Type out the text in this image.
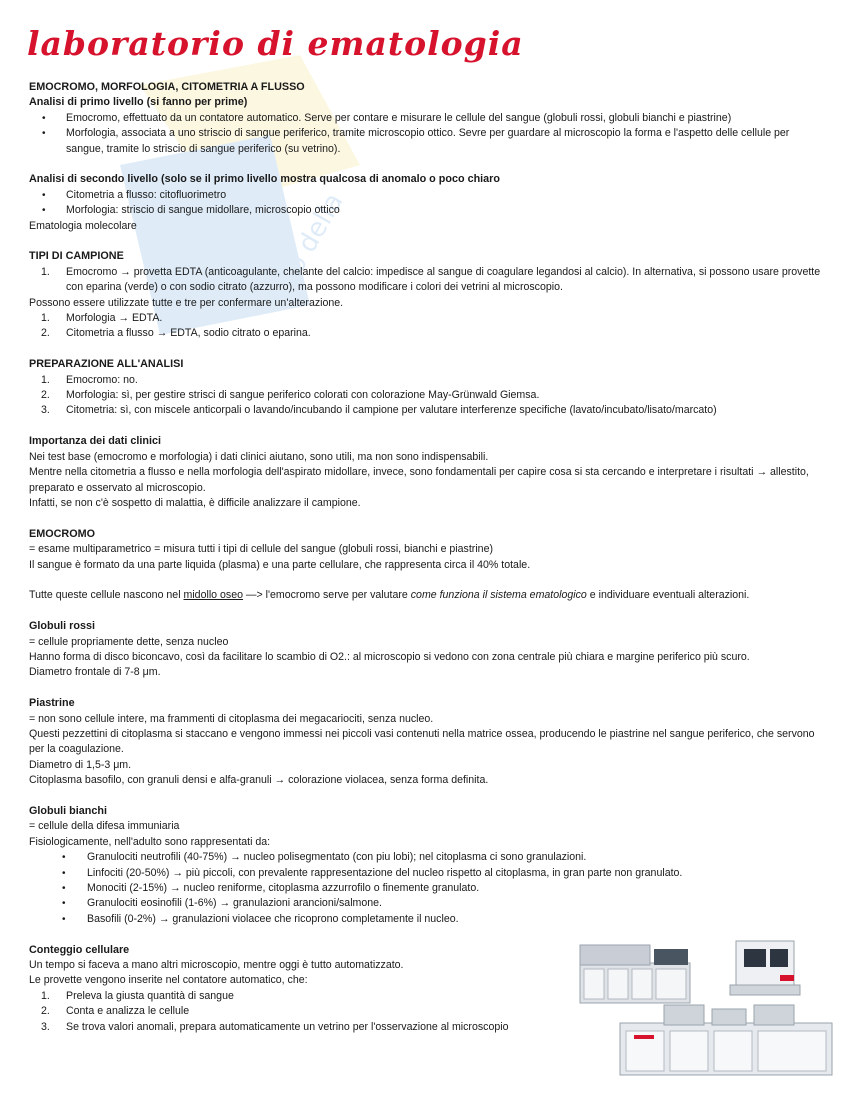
o della
laboratorio di ematologia
EMOCROMO, MORFOLOGIA, CITOMETRIA A FLUSSO
Analisi di primo livello (si fanno per prime)
• Emocromo, effettuato da un contatore automatico. Serve per contare e misurare le cellule del sangue (globuli rossi, globuli bianchi e piastrine)
• Morfologia, associata a uno striscio di sangue periferico, tramite microscopio ottico. Sevre per guardare al microscopio la forma e l'aspetto delle cellule per sangue, tramite lo striscio di sangue periferico (su vetrino).
Analisi di secondo livello (solo se il primo livello mostra qualcosa di anomalo o poco chiaro
• Citometria a flusso: citofluorimetro
• Morfologia: striscio di sangue midollare, microscopio ottico

Ematologia molecolare

TIPI DI CAMPIONE
1. Emocromo → provetta EDTA (anticoagulante, chelante del calcio: impedisce al sangue di coagulare legandosi al calcio). In alternativa, si possono usare provette con eparina (verde) o con sodio citrato (azzurro), ma possono modificare i colori dei vetrini al microscopio.

Possono essere utilizzate tutte e tre per confermare un'alterazione.

1. Morfologia → EDTA.
2. Citometria a flusso → EDTA, sodio citrato o eparina.
PREPARAZIONE ALL'ANALISI
1. Emocromo: no.
2. Morfologia: sì, per gestire strisci di sangue periferico colorati con colorazione May-Grünwald Giemsa.
3. Citometria: sì, con miscele anticorpali o lavando/incubando il campione per valutare interferenze specifiche (lavato/incubato/lisato/marcato)
Importanza dei dati clinici

Nei test base (emocromo e morfologia) i dati clinici aiutano, sono utili, ma non sono indispensabili.

Mentre nella citometria a flusso e nella morfologia dell'aspirato midollare, invece, sono fondamentali per capire cosa si sta cercando e interpretare i risultati → allestito, preparato e osservato al microscopio.

Infatti, se non c'è sospetto di malattia, è difficile analizzare il campione.

EMOCROMO

= esame multiparametrico = misura tutti i tipi di cellule del sangue (globuli rossi, bianchi e piastrine)

Il sangue è formato da una parte liquida (plasma) e una parte cellulare, che rappresenta circa il 40% totale.

Tutte queste cellule nascono nel midollo oseo —> l'emocromo serve per valutare come funziona il sistema ematologico e individuare eventuali alterazioni.

Globuli rossi

= cellule propriamente dette, senza nucleo

Hanno forma di disco biconcavo, così da facilitare lo scambio di O2.: al microscopio si vedono con zona centrale più chiara e margine periferico più scuro.

Diametro frontale di 7-8 μm.

Piastrine

= non sono cellule intere, ma frammenti di citoplasma dei megacariociti, senza nucleo.

Questi pezzettini di citoplasma si staccano e vengono immessi nei piccoli vasi contenuti nella matrice ossea, producendo le piastrine nel sangue periferico, che servono per la coagulazione.

Diametro di 1,5-3 μm.

Citoplasma basofilo, con granuli densi e alfa-granuli → colorazione violacea, senza forma definita.

Globuli bianchi

= cellule della difesa immuniaria

Fisiologicamente, nell'adulto sono rappresentati da:

• Granulociti neutrofili (40-75%) → nucleo polisegmentato (con piu lobi); nel citoplasma ci sono granulazioni.
• Linfociti (20-50%) → più piccoli, con prevalente rappresentazione del nucleo rispetto al citoplasma, in gran parte non granulato.
• Monociti (2-15%) → nucleo reniforme, citoplasma azzurrofilo o finemente granulato.
• Granulociti eosinofili (1-6%) → granulazioni arancioni/salmone.
• Basofili (0-2%) → granulazioni violacee che ricoprono completamente il nucleo.
Conteggio cellulare

Un tempo si faceva a mano altri microscopio, mentre oggi è tutto automatizzato.

Le provette vengono inserite nel contatore automatico, che:

1. Preleva la giusta quantità di sangue
2. Conta e analizza le cellule
3. Se trova valori anomali, prepara automaticamente un vetrino per l'osservazione al microscopio
